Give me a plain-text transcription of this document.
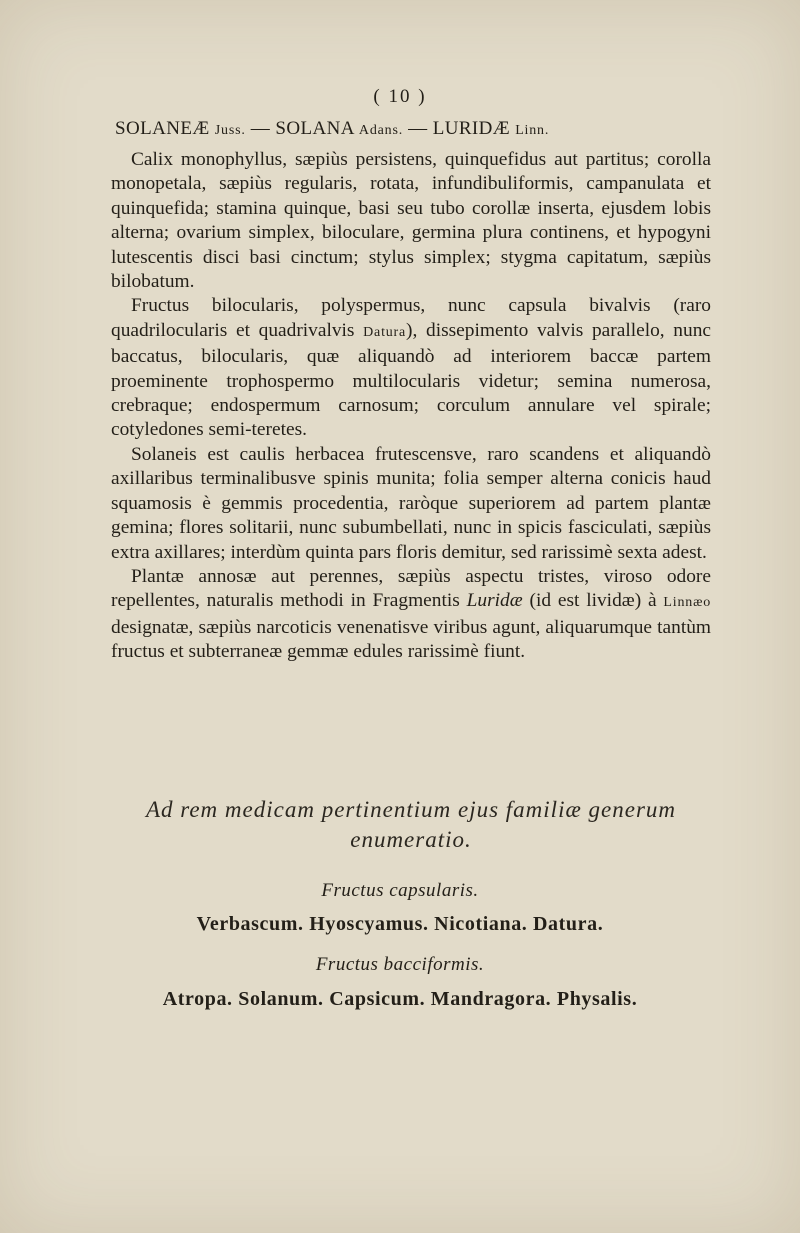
( 10 )
SOLANEÆ Juss. — SOLANA Adans. — LURIDÆ Linn.

Calix monophyllus, sæpiùs persistens, quinquefidus aut partitus; corolla monopetala, sæpiùs regularis, rotata, infundibuliformis, campanulata et quinquefida; stamina quinque, basi seu tubo corollæ inserta, ejusdem lobis alterna; ovarium simplex, biloculare, germina plura continens, et hypogyni lutescentis disci basi cinctum; stylus simplex; stygma capitatum, sæpiùs bilobatum.

Fructus bilocularis, polyspermus, nunc capsula bivalvis (raro quadrilocularis et quadrivalvis Datura), dissepimento valvis parallelo, nunc baccatus, bilocularis, quæ aliquandò ad interiorem baccæ partem proeminente trophospermo multilocularis videtur; semina numerosa, crebraque; endospermum carnosum; corculum annulare vel spirale; cotyledones semi-teretes.

Solaneis est caulis herbacea frutescensve, raro scandens et aliquandò axillaribus terminalibusve spinis munita; folia semper alterna conicis haud squamosis è gemmis procedentia, raròque superiorem ad partem plantæ gemina; flores solitarii, nunc subumbellati, nunc in spicis fasciculati, sæpiùs extra axillares; interdùm quinta pars floris demitur, sed rarissimè sexta adest.

Plantæ annosæ aut perennes, sæpiùs aspectu tristes, viroso odore repellentes, naturalis methodi in Fragmentis Luridæ (id est lividæ) à Linnæo designatæ, sæpiùs narcoticis venenatisve viribus agunt, aliquarumque tantùm fructus et subterraneæ gemmæ edules rarissimè fiunt.

Ad rem medicam pertinentium ejus familiæ generum
enumeratio.
Fructus capsularis.
Verbascum. Hyoscyamus. Nicotiana. Datura.
Fructus bacciformis.
Atropa. Solanum. Capsicum. Mandragora. Physalis.
